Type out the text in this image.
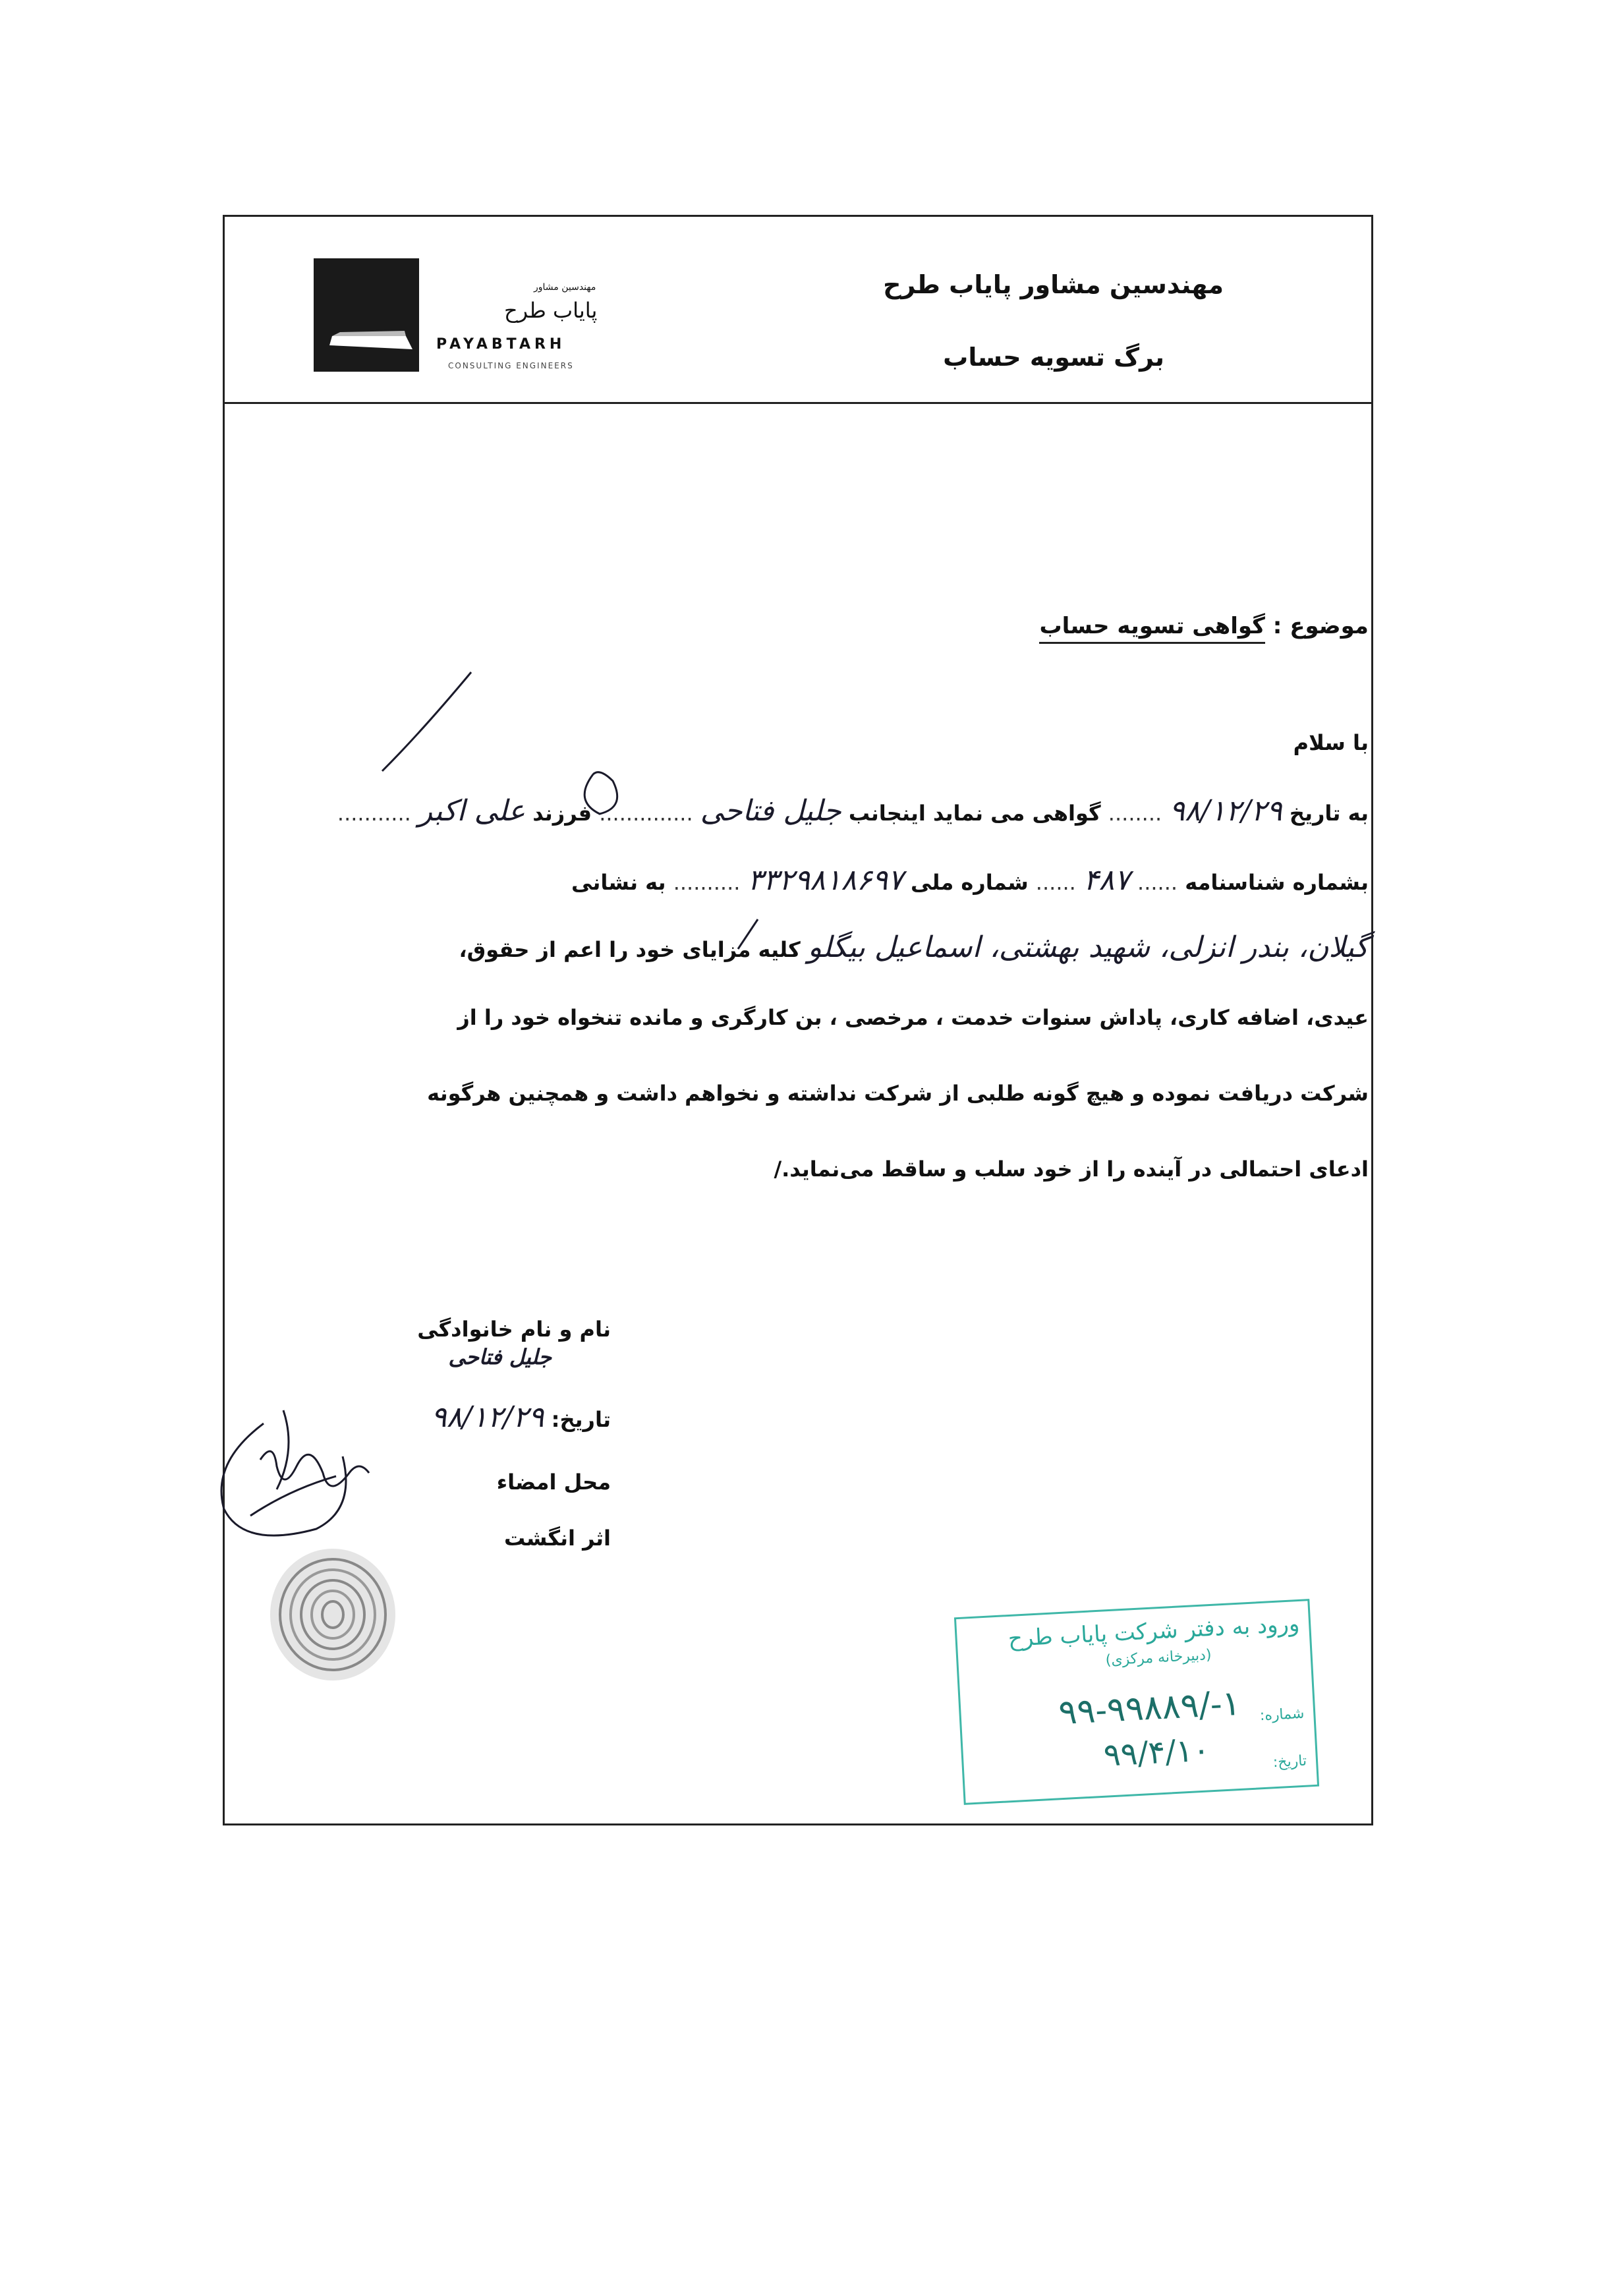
مهندسین مشاور پایاب طرح
برگ تسویه حساب
مهندسین مشاور
پایاب طرح
PAYABTARH
CONSULTING ENGINEERS
موضوع : گواهی تسویه حساب
با سلام
به تاریخ ۹۸/۱۲/۲۹ ........ گواهی می نماید اینجانب جلیل فتاحی .............. فرزند علی اکبر ...........
بشماره شناسنامه ...... ۴۸۷ ...... شماره ملی ۳۳۲۹۸۱۸۶۹۷ .......... به نشانی
گیلان، بندر انزلی، شهید بهشتی، اسماعیل بیگلو کلیه مزایای خود را اعم از حقوق،
عیدی، اضافه کاری، پاداش سنوات خدمت ، مرخصی ، بن کارگری و مانده تنخواه خود را از
شرکت دریافت نموده و هیچ گونه طلبی از شرکت نداشته و نخواهم داشت و همچنین هرگونه
ادعای احتمالی در آینده را از خود سلب و ساقط می‌نماید./
نام و نام خانوادگی
جلیل فتاحی
تاریخ: ۹۸/۱۲/۲۹
محل امضاء
اثر انگشت
ورود به دفتر شرکت پایاب طرح
(دبیرخانه مرکزی)
شماره:
۱-/۹۹-۹۹۸۸۹
تاریخ:
۹۹/۴/۱۰
